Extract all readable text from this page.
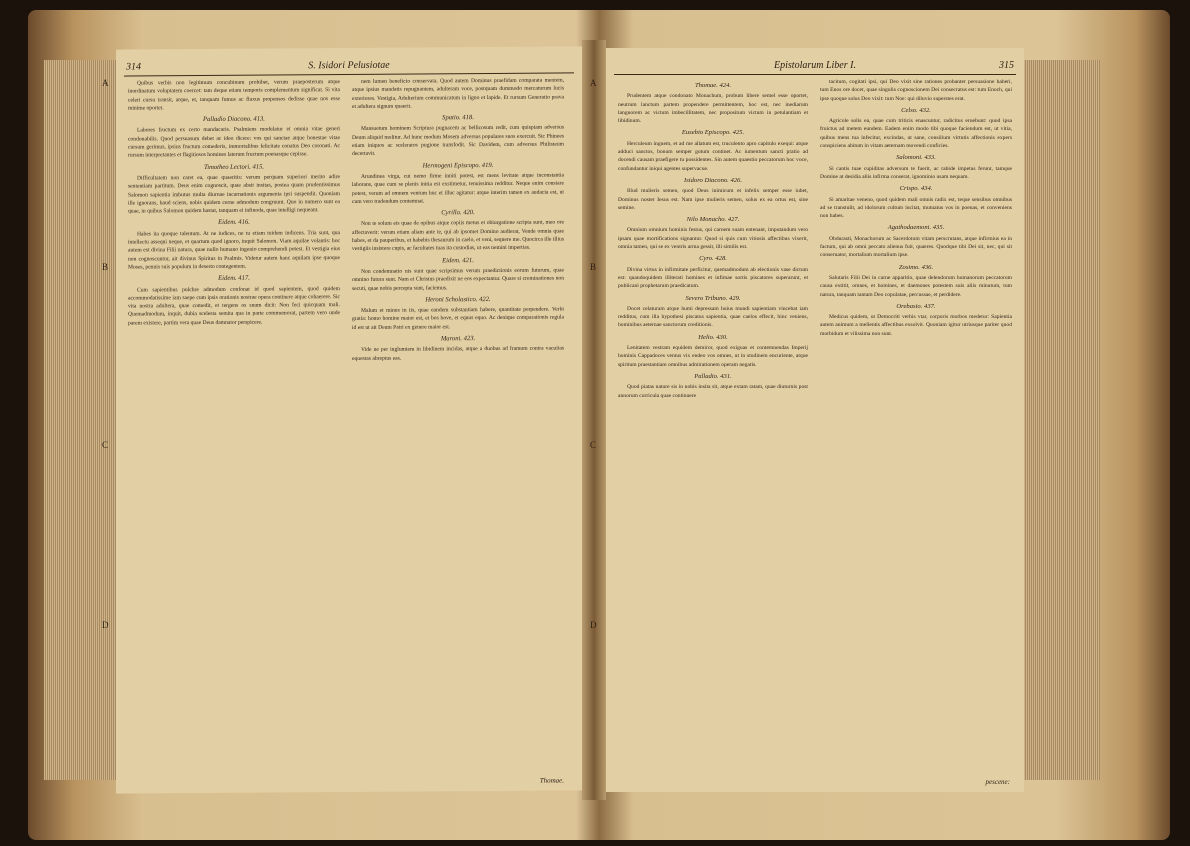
314	S. Isidori Pelusiotae

Quibus verbis non legitimum concubinum prohibet, verum praeposterum atque inordinatum voluptatem coercet: tam deque etiam temporis complementum significat. Si vita celeri cursu transit, atque, et, tanquam fumus ac fluxus propensos dedisse quae nos esse minime oportet.

Palladio Diacono. 413.

Labores fructum ex certo mandacaris. Psalmiens modulatur et omnia vitae generi condonabilis. Quod persuasum debet ac ideo dicere: vos qui sanctae atque honestae vitae cursum gerimus, ipsius fructum comederis, immortalibus felicitate conatus Deo coronati. Ac rursum interpretantes et flagitiosos homines laterum fructum poenasque cepisse.

Timotheo Lectori. 415.

Difficultatem non caret ea, quae quaeritis: verum perquam superiori merito adire sententiam partitum. Deus enim cognoscit, quae absit insitas, postea quam prudentissimus Salomon sapientia imbutus multa diurnae incarnationis argumenta ipsi suspendit. Quoniam ille ignorans, haud sciens, nobis quidem cerne admodum congruunt. Quo in numero sunt ea quae, in quibus Salomon quidem hastat, tanquam ei infinoda, quae intelligi nequeant.

Eidem. 416.

Habes ita quoque talentum. At ne iudices, ne tu etiam tuidem indicens. Tria sunt, qua intellectu assequi neque, et quartum quod ignoro, inquit Salomon. Viam aquilae volantis: hoc autem est divina Filii natura, quae nullo humano ingenio comprehendi potest. Et vestigia eius non cognoscuntur, ait divinus Spiritus in Psalmis. Videtur autem hanc aquilam ipse quoque Moses, pennis suis populum in deserto contegentem.

Eidem. 417.

Cum sapientibus pulchre admodum confonat id quod sapientem, quod quidem accommodatissime iam saepe cum ipsis orationis nostrae opera continere atque cohaerere. Sic vita nostra adultera, quae comedit, et tergens os suum dicit: Non feci quicquam mali. Quemadmodum, inquit, dubia scelesta semita qua in parte commemorat, partem vero unde parem existere, partim vera quae Deus damnator perspicere.

nem lumen beneficio conservata. Quod autem Dominus praefidam comparata mentem, atque ipsius mandatis repugnantem, adulteram voce, postquam dummodo mercaturum lucis exteriores. Vestigia, Adulterium communicatum in ligno et lapide. Et rursum Generatio prava et adultera signum quaerit.

Spatio. 418.

Mansuetum hominem Scriptura pugnacem ac bellicosum redit, cum quispiam adversus Deum aliquid molitur. Ad hunc modum Mosem adversus populares suos exercuit. Sic Phinees etiam iniquos ac sceleratos pugione transfodit. Sic Davidem, cum adversus Philisteum decertavit.

Hermogeni Episcopo. 419.

Arundinea virga, cui nemo firme inniti potest, est mens levitate atque inconstantia laborans, quae cum se plenis initia est exstimetur, tenuissima redditur. Neque enim constare potest, verum ad omnem ventum huc et illuc agitatur: atque interim tamen ex audacia est, ut cum vero tradendum contemnat.

Cyrillo. 420.

Non te solum eis quae de opibus atque copiis metus et obiurgatione scripta sunt, meo ore affectaverit: verum etiam aliam ante te, qui ab ipsomet Domino audierat, Vende omnia quae habes, et da pauperibus, et habebis thesaurum in caelo, et veni, sequere me. Quocirca ille illius vestigiis insistere cupis, ac facultates tuas ita custodias, ut eas nemini impertias.

Eidem. 421.

Non condemnatio nis sunt quae scripsimus verum praedictionis eorum futurum, quae omnino futura sunt. Nam et Christus praedixit ne eos expectantur. Quare si creminationes non secuti, quae nobis percepta sunt, faciemus.

Heroni Scholastico. 422.

Malum et minus in iis, quae eandem substantiam habere, quantitate perpendere. Verbi gratia: homo homine maior est, et bos bove, et equus equo. Ac denique comparationis regula id est ut ait Deum Patri ex genere maior est.

Maroni. 423.

Vide ne per inglumiem in libidinem incidas, atque a duobus ad framum contra vacuitas equestas abreptus eas.

Thomae.
A
B
C
D
Epistolarum Liber I.	315
Thomae. 424.

Prudentem atque condonato Monachum, probum libere semel esse oportet, neutrum lanctum partem propendere permittentem, hoc est, nec inediarum languorem ac victum imbecillitatem, nec propositum victum in petulantiam et libidinum.

Eusebio Episcopo. 425.

Herculeum inguem, et ad me allatum est, truculento apro capitulo exequi: atque adduci sanctos, bonum semper gotum continet. Ac iumentum sancti pratio ad docendi causam praefigere tu possidentes. Sin autem quaestio peccatorum hoc voce, confundantur iniqui agentes supervacue.

Isidoro Diacono. 426.

Illud mulieris semen, quod Deus inimicum et infelix semper esse iubet, Dominus noster Iesus est. Nam ipse mulieris semen, solus ex ea ortus est, sine semine.

Nilo Monacho. 427.

Omnium omnium hominis festus, qui carnem suam entenant, imputandum vero ipsam quae mortifications signantur. Quod si quis cum vitiosis affectibus vixerit, omnia tamen, qui se ex ventris arma gessit, illi similis est.

Cyro. 428.

Divina virtus in infirmitate perficitur, quemadmodum ab electionis vase dictum est: quandoquidem illiterati homines et infimae sortis piscatores superarunt, et publicani prophetarum praedicatum.

Severo Tribuno. 429.

Docet celaturam atque humi depressam huius mundi sapientiam vincebat iam redditus, cum illa hypothesi piscatus sapientia, quae caelos effecit, hinc veniens, hominibus aeternae sanctorum creditionis.

Helio. 430.

Lenitatem vestram equidem demiror, quod exiguas et contemnendas Imperij hominis Cappadoces ventus vix endeo vos omnes, ut in studinem encuriente, atque spiritum praestantiam omnibus admirationem operam negatis.

Palladio. 431.

Quod piatas nature sis in nobis insita sit, atque extam ratam, quae diuturnis post annorum curricula quae continuere

tacitum, cogitati ipsi, qui Deo vixit sine rationes probanter persuasione haberi, tum Enos ore docet, quae singulis cognoscionem Dei consecratus est: tum Enoch, qui ipse quoque solus Deo vixit: tum Noe: qui diluvio superstes erat.

Celso. 432.

Agricole solis ea, quae cum triticis enascuntur, radicitus eruebunt: quod ipsa fruictus ad metem eundem. Eadem enim modo tibi quoque faciendum est, ut vitia, quibus mens tua infecitur, excindas, ut sane, consilium virtutis affectionis expers conspiciens abitum in vitam aeternam movendi conficies.

Salomoni. 433.

Si cantis tuae cupiditas adversum te fuerit, ac rabide impetus ferunt, tamque Domine at desidia aliis infirma conserat, ignominio usam nequam.

Crispo. 434.

Si amaritae veneno, quod quidem mali omnis radix est, teque sensibus omnibus ad se transtulit, ad idolorum cultum incitat, mutuatus vos in poenas, et conveniens non habes.

Agathodaemoni. 435.

Obdurasti, Monachorum ac Sacerdotum vitam perscrutans, atque infirmius ea in factum, qui ab omni peccato alienus fuit, quaeres. Quodque tibi Dei sit, nec, qui sit conseruator, mortalium mortalium ipse.

Zosimo. 436.

Salutaris Filii Dei in carne apparitio, quae delendorum humanorum peccatorum causa extitit, omnes, et homines, et daemones potestem suis aliis minutum, tum natura, tanquam tantam Deo copulatae, percussae, et perdidere.

Orebasio. 437.

Medicus quidem, ut Democriti verbis vtar, corporis morbos medetur: Sapientia autem animum a mellentis affectibus exsolvit. Quoniam igitur utriusque pariter quod morbidum et vilissima non sunt.

pescene:
A
B
C
D
